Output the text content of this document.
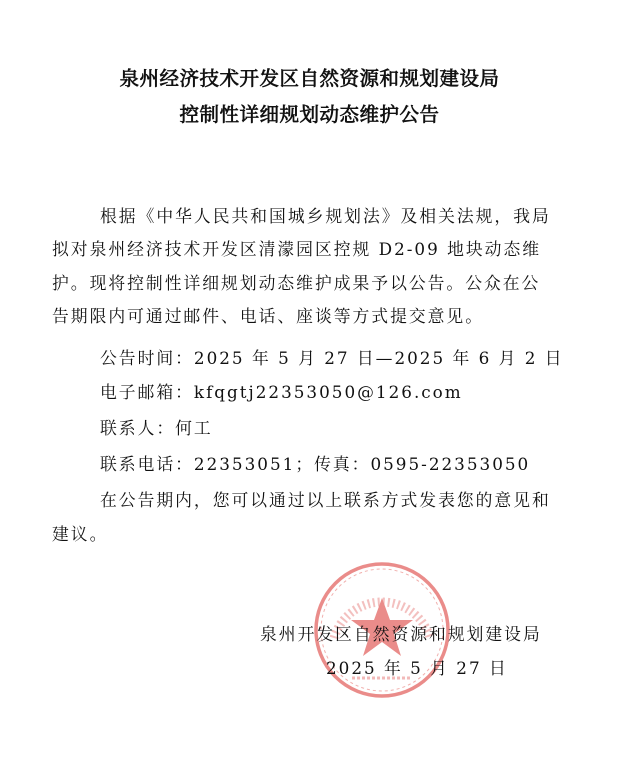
泉州经济技术开发区自然资源和规划建设局
控制性详细规划动态维护公告
根据《中华人民共和国城乡规划法》及相关法规，我局
拟对泉州经济技术开发区清濛园区控规 D2-09 地块动态维
护。现将控制性详细规划动态维护成果予以公告。公众在公
告期限内可通过邮件、电话、座谈等方式提交意见。
公告时间：2025 年 5 月 27 日—2025 年 6 月 2 日
电子邮箱：kfqgtj22353050@126.com
联系人：何工
联系电话：22353051；传真：0595-22353050
在公告期内，您可以通过以上联系方式发表您的意见和
建议。
泉州开发区自然资源和规划建设局
2025 年 5 月 27 日
